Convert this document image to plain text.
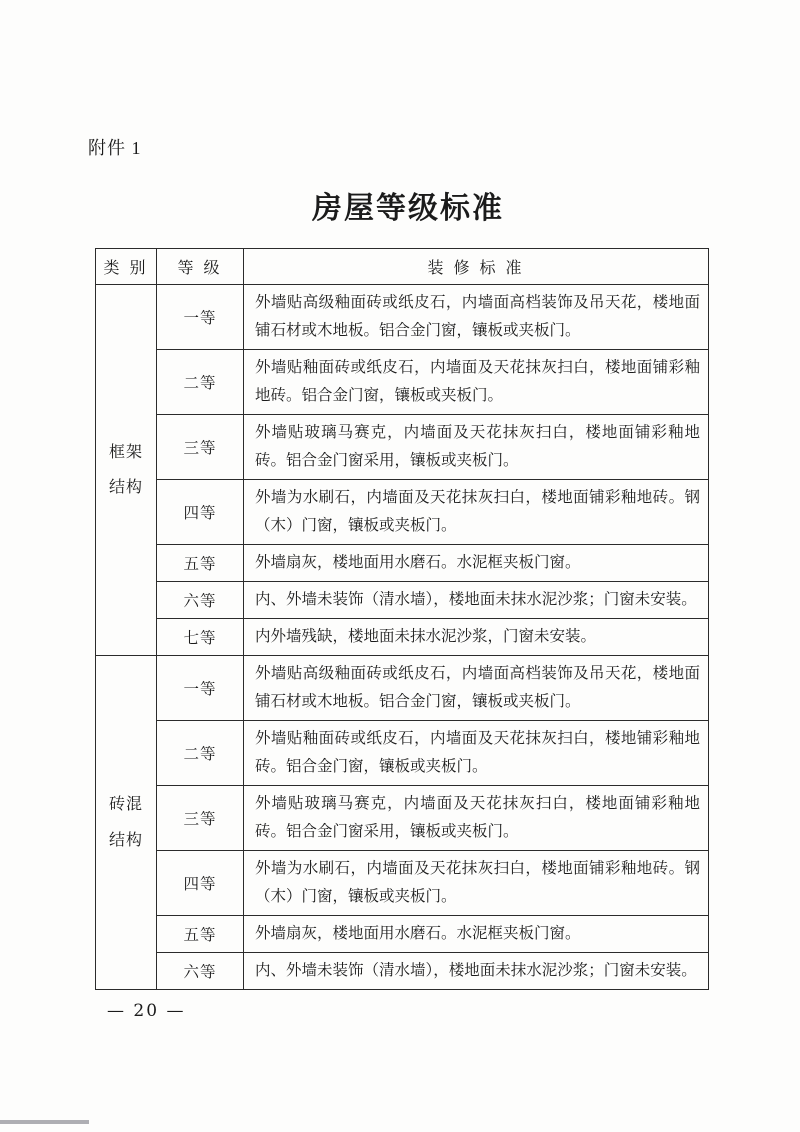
附件 1
房屋等级标准
类 别	等 级	装 修 标 准
框架结构	一等	外墙贴高级釉面砖或纸皮石，内墙面高档装饰及吊天花，楼地面铺石材或木地板。铝合金门窗，镶板或夹板门。
	二等	外墙贴釉面砖或纸皮石，内墙面及天花抹灰扫白，楼地面铺彩釉地砖。铝合金门窗，镶板或夹板门。
	三等	外墙贴玻璃马赛克，内墙面及天花抹灰扫白，楼地面铺彩釉地砖。铝合金门窗采用，镶板或夹板门。
	四等	外墙为水刷石，内墙面及天花抹灰扫白，楼地面铺彩釉地砖。钢（木）门窗，镶板或夹板门。
	五等	外墙扇灰，楼地面用水磨石。水泥框夹板门窗。
	六等	内、外墙未装饰（清水墙），楼地面未抹水泥沙浆；门窗未安装。
	七等	内外墙残缺，楼地面未抹水泥沙浆，门窗未安装。
砖混结构	一等	外墙贴高级釉面砖或纸皮石，内墙面高档装饰及吊天花，楼地面铺石材或木地板。铝合金门窗，镶板或夹板门。
	二等	外墙贴釉面砖或纸皮石，内墙面及天花抹灰扫白，楼地铺彩釉地砖。铝合金门窗，镶板或夹板门。
	三等	外墙贴玻璃马赛克，内墙面及天花抹灰扫白，楼地面铺彩釉地砖。铝合金门窗采用，镶板或夹板门。
	四等	外墙为水刷石，内墙面及天花抹灰扫白，楼地面铺彩釉地砖。钢（木）门窗，镶板或夹板门。
	五等	外墙扇灰，楼地面用水磨石。水泥框夹板门窗。
	六等	内、外墙未装饰（清水墙），楼地面未抹水泥沙浆；门窗未安装。
— 20 —
